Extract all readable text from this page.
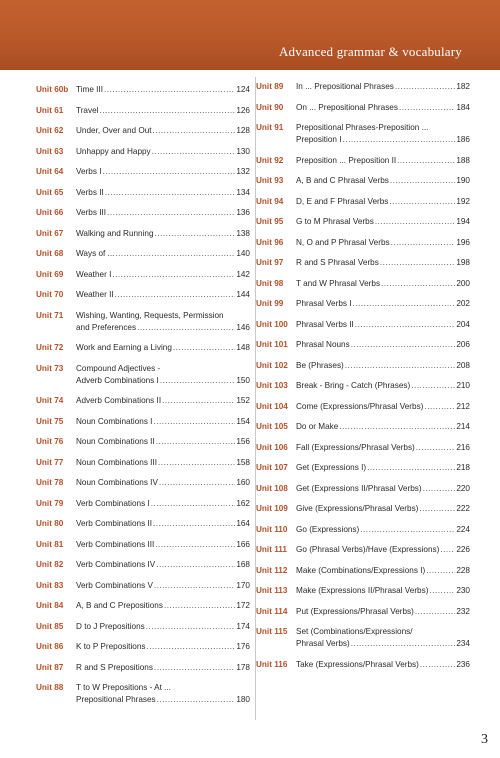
Advanced grammar & vocabulary
Unit 60b Time III .....	124
Unit 61	Travel .....	126
Unit 62	Under, Over and Out .....	128
Unit 63	Unhappy and Happy .....	130
Unit 64	Verbs I .....	132
Unit 65	Verbs II .....	134
Unit 66	Verbs III .....	136
Unit 67	Walking and Running .....	138
Unit 68	Ways of ... .....	140
Unit 69	Weather I .....	142
Unit 70	Weather II .....	144
Unit 71	Wishing, Wanting, Requests, Permission
and Preferences .....	146
Unit 72	Work and Earning a Living .....	148
Unit 73	Compound Adjectives -
Adverb Combinations I .....	150
Unit 74	Adverb Combinations II .....	152
Unit 75	Noun Combinations I .....	154
Unit 76	Noun Combinations II .....	156
Unit 77	Noun Combinations III .....	158
Unit 78	Noun Combinations IV .....	160
Unit 79	Verb Combinations I .....	162
Unit 80	Verb Combinations II .....	164
Unit 81	Verb Combinations III .....	166
Unit 82	Verb Combinations IV .....	168
Unit 83	Verb Combinations V .....	170
Unit 84	A, B and C Prepositions .....	172
Unit 85	D to J Prepositions .....	174
Unit 86	K to P Prepositions .....	176
Unit 87	R and S Prepositions .....	178
Unit 88	T to W Prepositions - At ...
Prepositional Phrases .....	180
Unit 89	In ... Prepositional Phrases .....	182
Unit 90	On ... Prepositional Phrases .....	184
Unit 91	Prepositional Phrases-Preposition ...
Preposition I .....	186
Unit 92	Preposition ... Preposition II .....	188
Unit 93	A, B and C Phrasal Verbs .....	190
Unit 94	D, E and F Phrasal Verbs .....	192
Unit 95	G to M Phrasal Verbs .....	194
Unit 96	N, O and P Phrasal Verbs .....	196
Unit 97	R and S Phrasal Verbs .....	198
Unit 98	T and W Phrasal Verbs .....	200
Unit 99	Phrasal Verbs I .....	202
Unit 100 Phrasal Verbs II .....	204
Unit 101 Phrasal Nouns .....	206
Unit 102 Be (Phrases) .....	208
Unit 103 Break - Bring - Catch (Phrases) .....	210
Unit 104 Come (Expressions/Phrasal Verbs) .....	212
Unit 105 Do or Make .....	214
Unit 106 Fall (Expressions/Phrasal Verbs) .....	216
Unit 107 Get (Expressions I) .....	218
Unit 108 Get (Expressions II/Phrasal Verbs) .....	220
Unit 109 Give (Expressions/Phrasal Verbs) .....	222
Unit 110	Go (Expressions) .....	224
Unit 111	Go (Phrasal Verbs)/Have (Expressions) ..... 226
Unit 112	Make (Combinations/Expressions I) .....	228
Unit 113	Make (Expressions II/Phrasal Verbs) .....	230
Unit 114	Put (Expressions/Phrasal Verbs) .....	232
Unit 115	Set (Combinations/Expressions/
Phrasal Verbs) .....	234
Unit 116	Take (Expressions/Phrasal Verbs) .....	236
3
